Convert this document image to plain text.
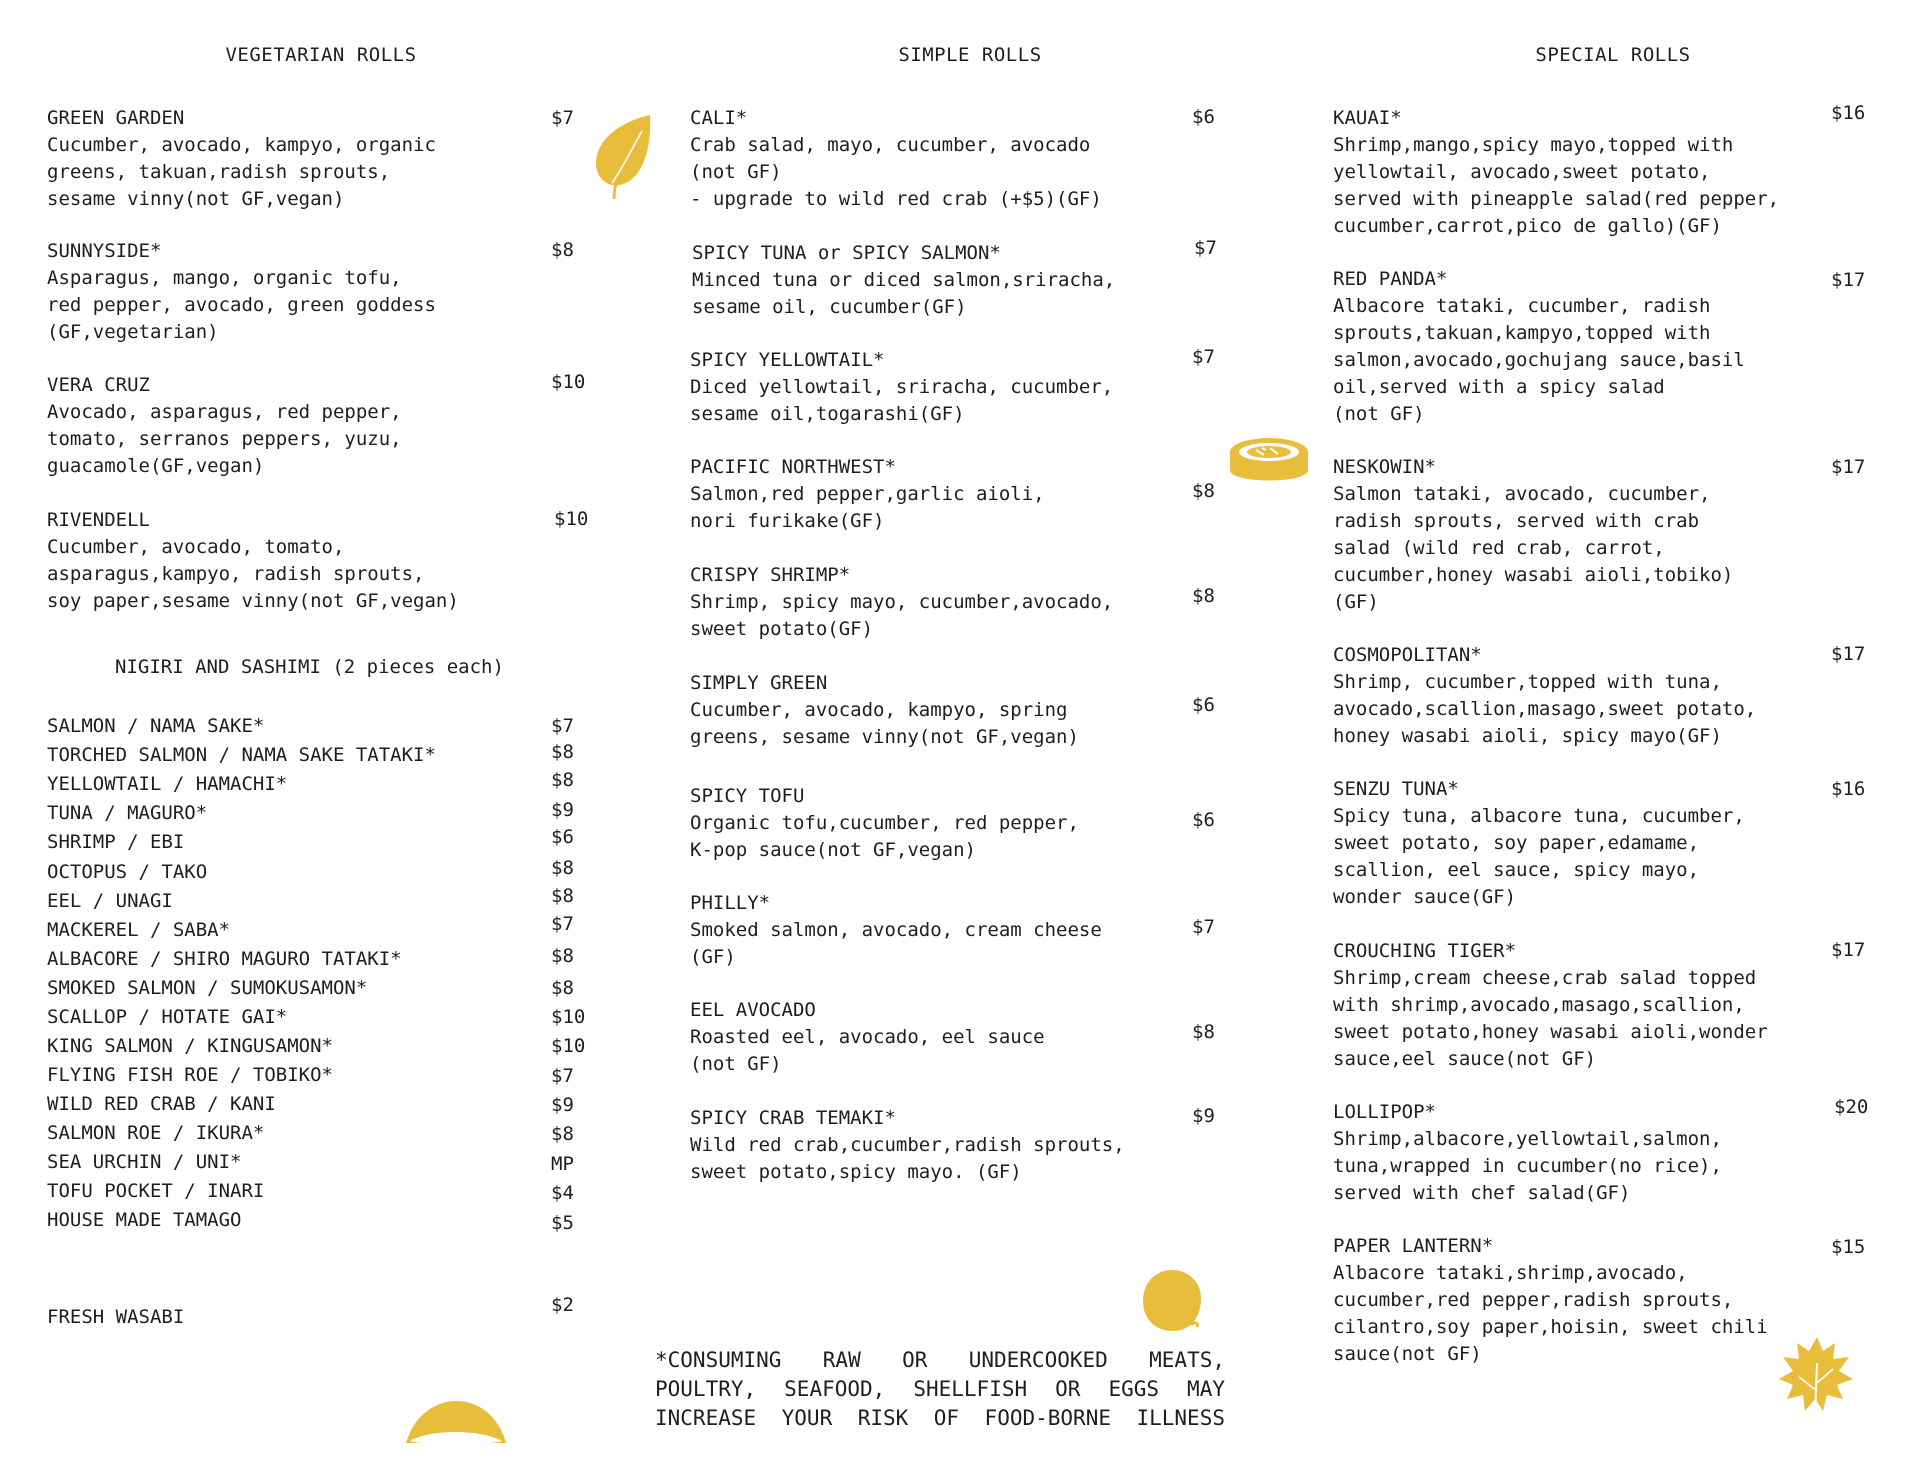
VEGETARIAN ROLLS	SIMPLE ROLLS	SPECIAL ROLLS
GREEN GARDEN
Cucumber, avocado, kampyo, organic
greens, takuan,radish sprouts,
sesame vinny(not GF,vegan)
$7
SUNNYSIDE*
Asparagus, mango, organic tofu,
red pepper, avocado, green goddess
(GF,vegetarian)
$8
VERA CRUZ
Avocado, asparagus, red pepper,
tomato, serranos peppers, yuzu,
guacamole(GF,vegan)
$10
RIVENDELL
Cucumber, avocado, tomato,
asparagus,kampyo, radish sprouts,
soy paper,sesame vinny(not GF,vegan)
$10
NIGIRI AND SASHIMI (2 pieces each)
SALMON / NAMA SAKE*	$7
TORCHED SALMON / NAMA SAKE TATAKI*	$8
YELLOWTAIL / HAMACHI*	$8
TUNA / MAGURO*	$9
SHRIMP / EBI	$6
OCTOPUS / TAKO	$8
EEL / UNAGI	$8
MACKEREL / SABA*	$7
ALBACORE / SHIRO MAGURO TATAKI*	$8
SMOKED SALMON / SUMOKUSAMON*	$8
SCALLOP / HOTATE GAI*	$10
KING SALMON / KINGUSAMON*	$10
FLYING FISH ROE / TOBIKO*	$7
WILD RED CRAB / KANI	$9
SALMON ROE / IKURA*	$8
SEA URCHIN / UNI*	MP
TOFU POCKET / INARI	$4
HOUSE MADE TAMAGO	$5
FRESH WASABI
$2
CALI*
Crab salad, mayo, cucumber, avocado
(not GF)
- upgrade to wild red crab (+$5)(GF)
$6
SPICY TUNA or SPICY SALMON*
Minced tuna or diced salmon,sriracha,
sesame oil, cucumber(GF)
$7
SPICY YELLOWTAIL*
Diced yellowtail, sriracha, cucumber,
sesame oil,togarashi(GF)
$7
PACIFIC NORTHWEST*
Salmon,red pepper,garlic aioli,
nori furikake(GF)
$8
CRISPY SHRIMP*
Shrimp, spicy mayo, cucumber,avocado,
sweet potato(GF)
$8
SIMPLY GREEN
Cucumber, avocado, kampyo, spring
greens, sesame vinny(not GF,vegan)
$6
SPICY TOFU
Organic tofu,cucumber, red pepper,
K-pop sauce(not GF,vegan)
$6
PHILLY*
Smoked salmon, avocado, cream cheese
(GF)
$7
EEL AVOCADO
Roasted eel, avocado, eel sauce
(not GF)
$8
SPICY CRAB TEMAKI*
Wild red crab,cucumber,radish sprouts,
sweet potato,spicy mayo. (GF)
$9
KAUAI*
Shrimp,mango,spicy mayo,topped with
yellowtail, avocado,sweet potato,
served with pineapple salad(red pepper,
cucumber,carrot,pico de gallo)(GF)
$16
RED PANDA*
Albacore tataki, cucumber, radish
sprouts,takuan,kampyo,topped with
salmon,avocado,gochujang sauce,basil
oil,served with a spicy salad
(not GF)
$17
NESKOWIN*
Salmon tataki, avocado, cucumber,
radish sprouts, served with crab
salad (wild red crab, carrot,
cucumber,honey wasabi aioli,tobiko)
(GF)
$17
COSMOPOLITAN*
Shrimp, cucumber,topped with tuna,
avocado,scallion,masago,sweet potato,
honey wasabi aioli, spicy mayo(GF)
$17
SENZU TUNA*
Spicy tuna, albacore tuna, cucumber,
sweet potato, soy paper,edamame,
scallion, eel sauce, spicy mayo,
wonder sauce(GF)
$16
CROUCHING TIGER*
Shrimp,cream cheese,crab salad topped
with shrimp,avocado,masago,scallion,
sweet potato,honey wasabi aioli,wonder
sauce,eel sauce(not GF)
$17
LOLLIPOP*
Shrimp,albacore,yellowtail,salmon,
tuna,wrapped in cucumber(no rice),
served with chef salad(GF)
$20
PAPER LANTERN*
Albacore tataki,shrimp,avocado,
cucumber,red pepper,radish sprouts,
cilantro,soy paper,hoisin, sweet chili
sauce(not GF)
$15
*CONSUMING RAW OR UNDERCOOKED MEATS,
POULTRY, SEAFOOD, SHELLFISH OR EGGS MAY
INCREASE YOUR RISK OF FOOD-BORNE ILLNESS
